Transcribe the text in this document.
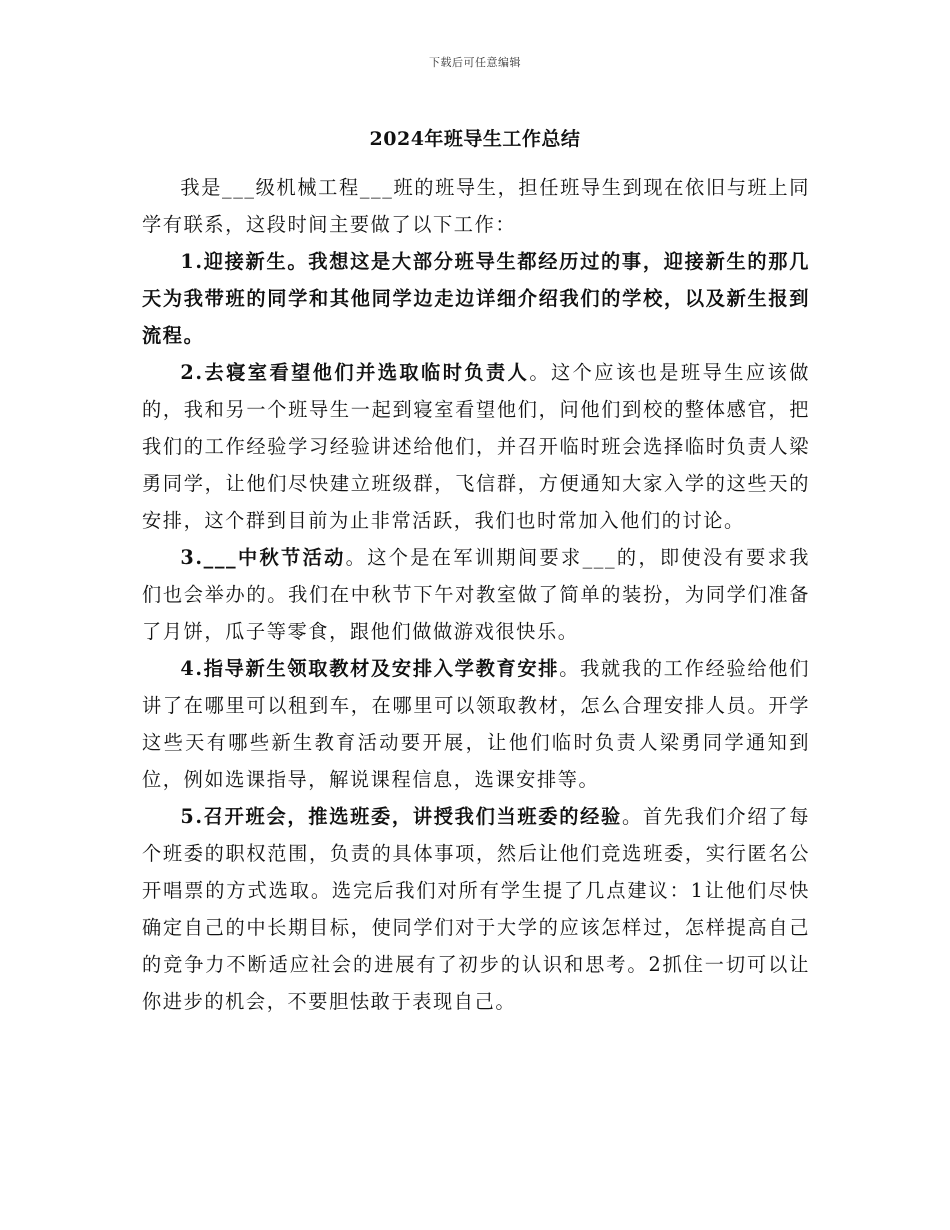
下载后可任意编辑
2024年班导生工作总结

我是___级机械工程___班的班导生，担任班导生到现在依旧与班上同学有联系，这段时间主要做了以下工作：

1.迎接新生。我想这是大部分班导生都经历过的事，迎接新生的那几天为我带班的同学和其他同学边走边详细介绍我们的学校，以及新生报到流程。

2.去寝室看望他们并选取临时负责人。这个应该也是班导生应该做的，我和另一个班导生一起到寝室看望他们，问他们到校的整体感官，把我们的工作经验学习经验讲述给他们，并召开临时班会选择临时负责人梁勇同学，让他们尽快建立班级群，飞信群，方便通知大家入学的这些天的安排，这个群到目前为止非常活跃，我们也时常加入他们的讨论。

3.___中秋节活动。这个是在军训期间要求___的，即使没有要求我们也会举办的。我们在中秋节下午对教室做了简单的装扮，为同学们准备了月饼，瓜子等零食，跟他们做做游戏很快乐。

4.指导新生领取教材及安排入学教育安排。我就我的工作经验给他们讲了在哪里可以租到车，在哪里可以领取教材，怎么合理安排人员。开学这些天有哪些新生教育活动要开展，让他们临时负责人梁勇同学通知到位，例如选课指导，解说课程信息，选课安排等。

5.召开班会，推选班委，讲授我们当班委的经验。首先我们介绍了每个班委的职权范围，负责的具体事项，然后让他们竞选班委，实行匿名公开唱票的方式选取。选完后我们对所有学生提了几点建议：1让他们尽快确定自己的中长期目标，使同学们对于大学的应该怎样过，怎样提高自己的竞争力不断适应社会的进展有了初步的认识和思考。2抓住一切可以让你进步的机会，不要胆怯敢于表现自己。
